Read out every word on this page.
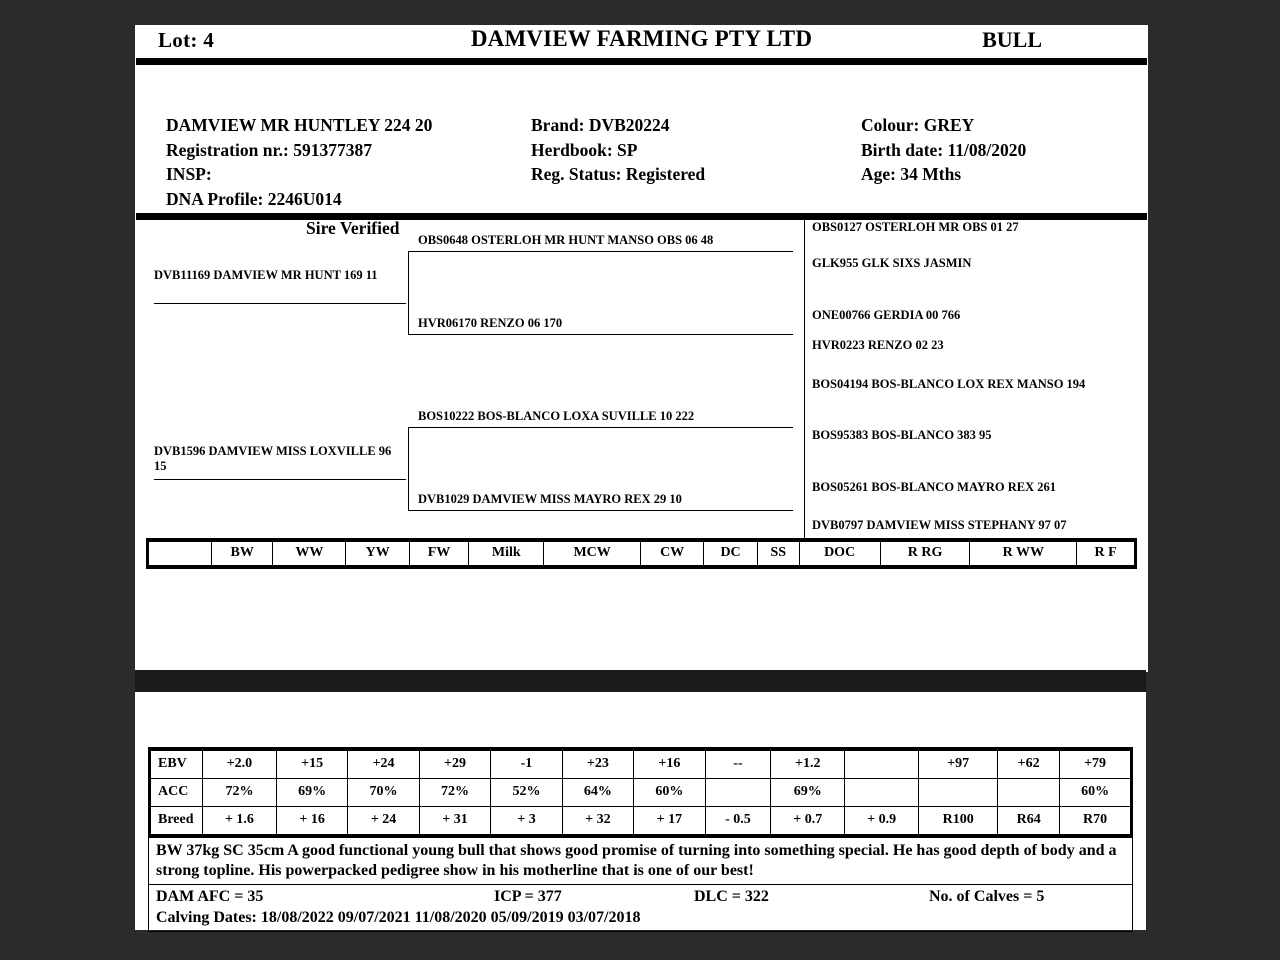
Lot: 4	DAMVIEW FARMING PTY LTD	BULL
DAMVIEW MR HUNTLEY 224 20
Registration nr.: 591377387
INSP:
DNA Profile: 2246U014
Brand: DVB20224
Herdbook: SP
Reg. Status: Registered
Colour: GREY
Birth date: 11/08/2020
Age: 34 Mths
Sire Verified
DVB11169 DAMVIEW MR HUNT 169 11
DVB1596 DAMVIEW MISS LOXVILLE 96 15
OBS0648 OSTERLOH MR HUNT MANSO OBS 06 48
HVR06170 RENZO 06 170
BOS10222 BOS-BLANCO LOXA SUVILLE 10 222
DVB1029 DAMVIEW MISS MAYRO REX 29 10
OBS0127 OSTERLOH MR OBS 01 27
GLK955 GLK SIXS JASMIN
ONE00766 GERDIA 00 766
HVR0223 RENZO 02 23
BOS04194 BOS-BLANCO LOX REX MANSO 194
BOS95383 BOS-BLANCO 383 95
BOS05261 BOS-BLANCO MAYRO REX 261
DVB0797 DAMVIEW MISS STEPHANY 97 07
	BW	WW	YW	FW	Milk	MCW	CW	DC	SS	DOC	R RG	R WW	R F
EBV	+2.0	+15	+24	+29	-1	+23	+16	--	+1.2		+97	+62	+79
ACC	72%	69%	70%	72%	52%	64%	60%		69%				60%
Breed	+ 1.6	+ 16	+ 24	+ 31	+ 3	+ 32	+ 17	- 0.5	+ 0.7	+ 0.9	R100	R64	R70
BW 37kg SC 35cm A good functional young bull that shows good promise of turning into something special. He has good depth of body and a strong topline. His powerpacked pedigree show in his motherline that is one of our best!
DAM AFC = 35	ICP = 377	DLC = 322	No. of Calves = 5
Calving Dates: 18/08/2022 09/07/2021 11/08/2020 05/09/2019 03/07/2018
